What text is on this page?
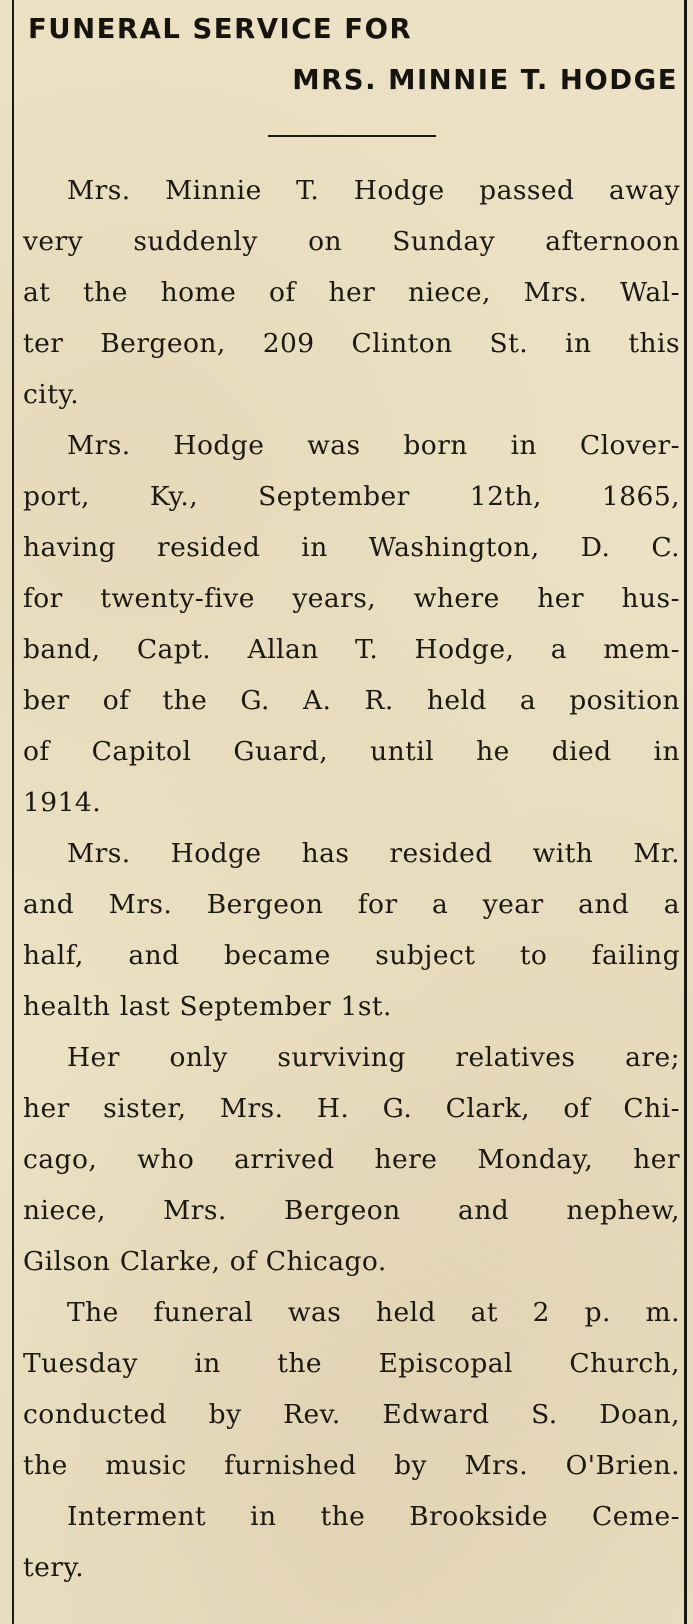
FUNERAL SERVICE FOR
MRS. MINNIE T. HODGE

Mrs. Minnie T. Hodge passed away
very suddenly on Sunday afternoon
at the home of her niece, Mrs. Wal-
ter Bergeon, 209 Clinton St. in this
city.

Mrs. Hodge was born in Clover-
port, Ky., September 12th, 1865,
having resided in Washington, D. C.
for twenty-five years, where her hus-
band, Capt. Allan T. Hodge, a mem-
ber of the G. A. R. held a position
of Capitol Guard, until he died in
1914.

Mrs. Hodge has resided with Mr.
and Mrs. Bergeon for a year and a
half, and became subject to failing
health last September 1st.

Her only surviving relatives are;
her sister, Mrs. H. G. Clark, of Chi-
cago, who arrived here Monday, her
niece, Mrs. Bergeon and nephew,
Gilson Clarke, of Chicago.

The funeral was held at 2 p. m.
Tuesday in the Episcopal Church,
conducted by Rev. Edward S. Doan,
the music furnished by Mrs. O'Brien.

Interment in the Brookside Ceme-
tery.
